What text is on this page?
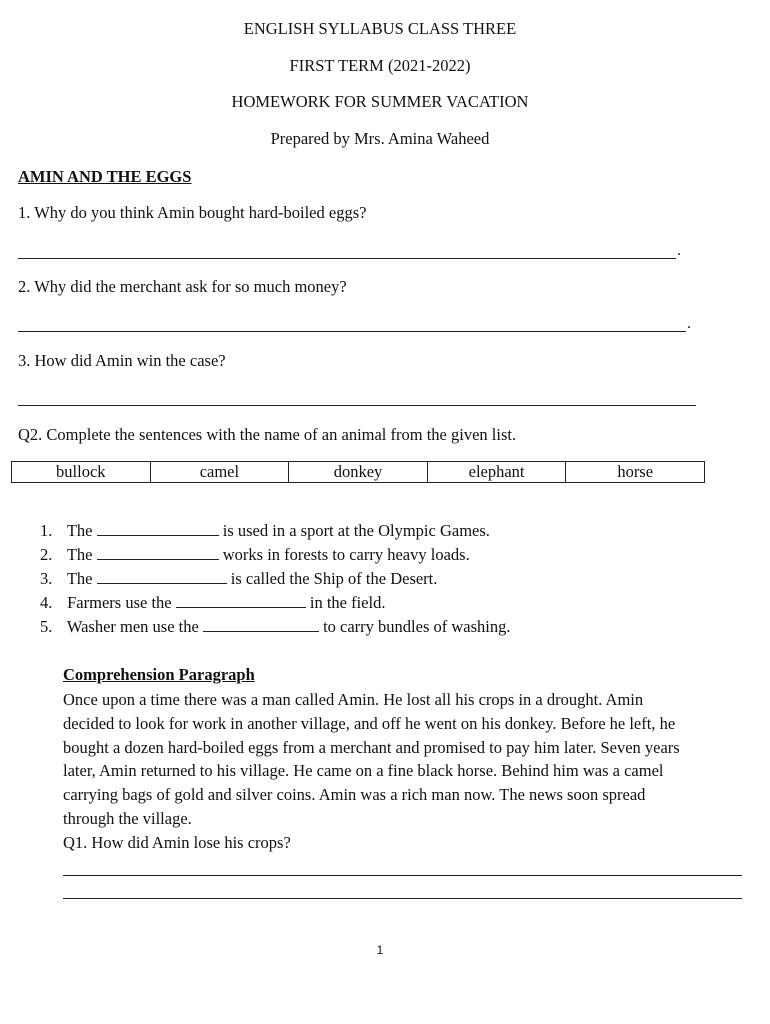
ENGLISH SYLLABUS CLASS THREE
FIRST TERM (2021-2022)
HOMEWORK FOR SUMMER VACATION
Prepared by Mrs. Amina Waheed
AMIN AND THE EGGS
1. Why do you think Amin bought hard-boiled eggs?
.
2. Why did the merchant ask for so much money?
.
3. How did Amin win the case?
Q2. Complete the sentences with the name of an animal from the given list.
bullock	camel	donkey	elephant	horse
1. The	is used in a sport at the Olympic Games.
2. The	works in forests to carry heavy loads.
3. The	is called the Ship of the Desert.
4. Farmers use the	in the field.
5. Washer men use the	to carry bundles of washing.
Comprehension Paragraph
Once upon a time there was a man called Amin. He lost all his crops in a drought. Amin
decided to look for work in another village, and off he went on his donkey. Before he left, he
bought a dozen hard-boiled eggs from a merchant and promised to pay him later. Seven years
later, Amin returned to his village. He came on a fine black horse. Behind him was a camel
carrying bags of gold and silver coins. Amin was a rich man now. The news soon spread
through the village.
Q1. How did Amin lose his crops?
1
